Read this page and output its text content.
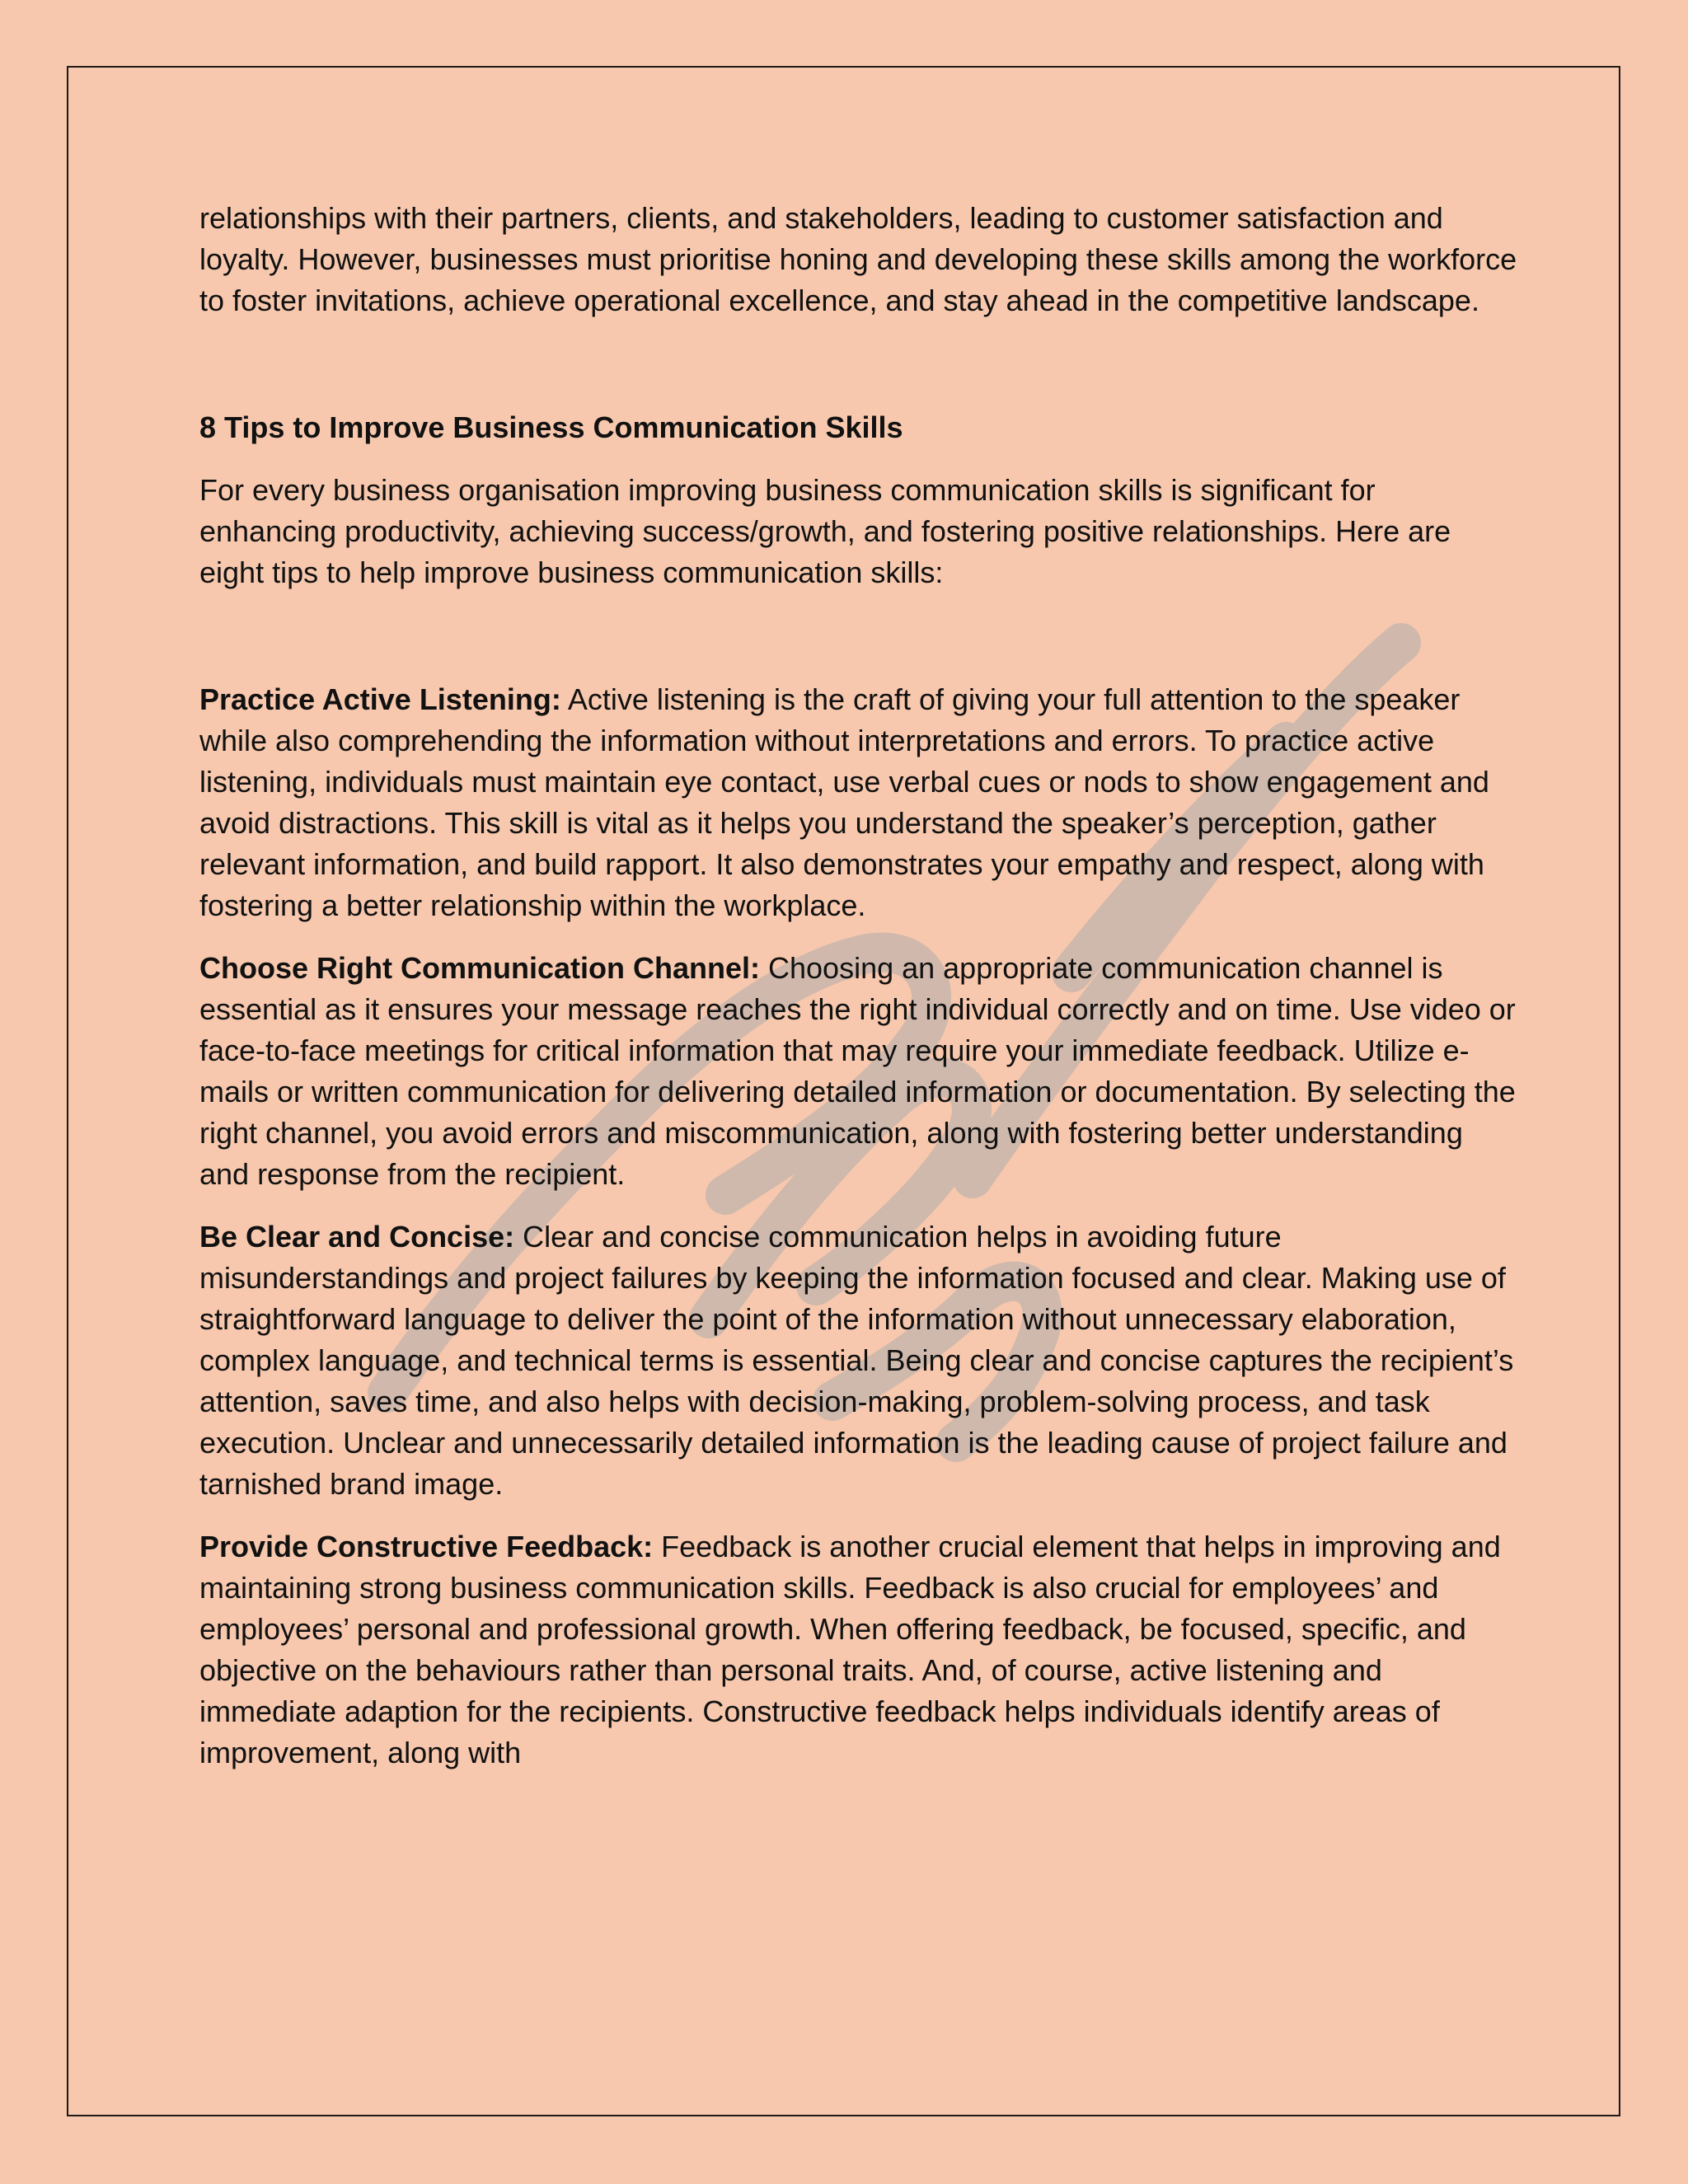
relationships with their partners, clients, and stakeholders, leading to customer satisfaction and loyalty. However, businesses must prioritise honing and developing these skills among the workforce to foster invitations, achieve operational excellence, and stay ahead in the competitive landscape.

8 Tips to Improve Business Communication Skills

For every business organisation improving business communication skills is significant for enhancing productivity, achieving success/growth, and fostering positive relationships. Here are eight tips to help improve business communication skills:

Practice Active Listening: Active listening is the craft of giving your full attention to the speaker while also comprehending the information without interpretations and errors. To practice active listening, individuals must maintain eye contact, use verbal cues or nods to show engagement and avoid distractions. This skill is vital as it helps you understand the speaker’s perception, gather relevant information, and build rapport. It also demonstrates your empathy and respect, along with fostering a better relationship within the workplace.

Choose Right Communication Channel: Choosing an appropriate communication channel is essential as it ensures your message reaches the right individual correctly and on time. Use video or face-to-face meetings for critical information that may require your immediate feedback. Utilize e-mails or written communication for delivering detailed information or documentation. By selecting the right channel, you avoid errors and miscommunication, along with fostering better understanding and response from the recipient.

Be Clear and Concise: Clear and concise communication helps in avoiding future misunderstandings and project failures by keeping the information focused and clear. Making use of straightforward language to deliver the point of the information without unnecessary elaboration, complex language, and technical terms is essential. Being clear and concise captures the recipient’s attention, saves time, and also helps with decision-making, problem-solving process, and task execution. Unclear and unnecessarily detailed information is the leading cause of project failure and tarnished brand image.

Provide Constructive Feedback: Feedback is another crucial element that helps in improving and maintaining strong business communication skills. Feedback is also crucial for employees’ and employees’ personal and professional growth. When offering feedback, be focused, specific, and objective on the behaviours rather than personal traits. And, of course, active listening and immediate adaption for the recipients. Constructive feedback helps individuals identify areas of improvement, along with
